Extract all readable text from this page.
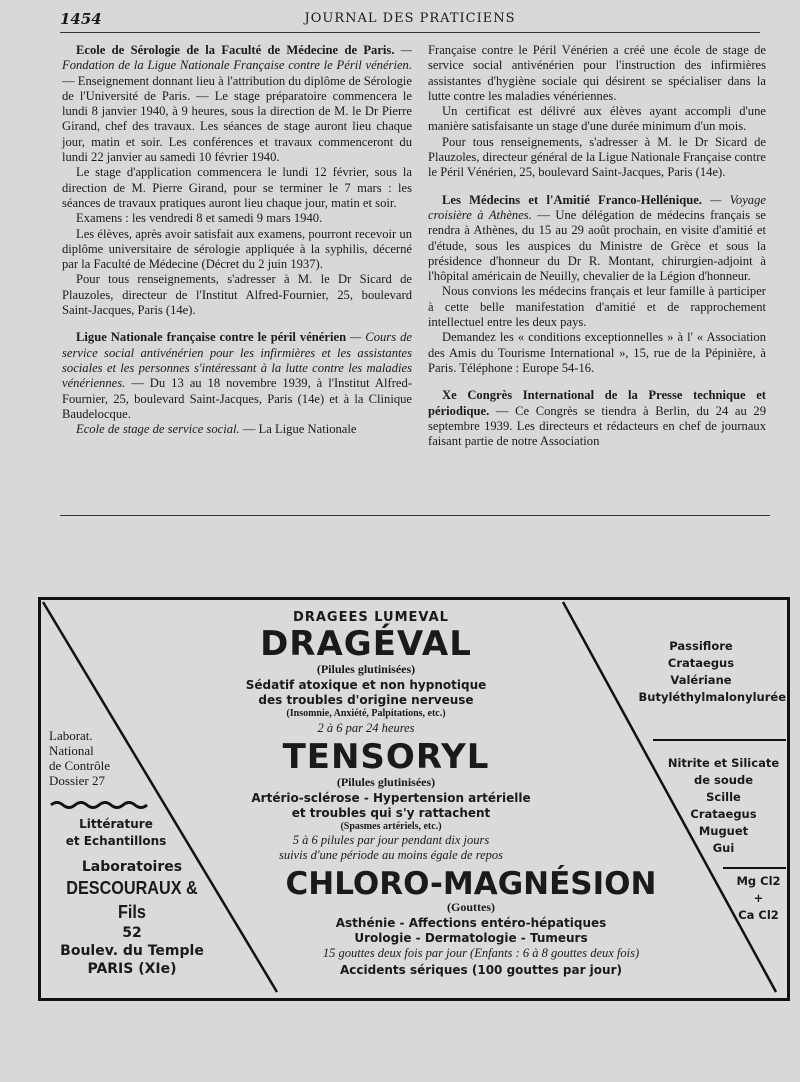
1454	JOURNAL DES PRATICIENS

Ecole de Sérologie de la Faculté de Médecine de Paris. — Fondation de la Ligue Nationale Française contre le Péril vénérien. — Enseignement donnant lieu à l'attribution du diplôme de Sérologie de l'Université de Paris. — Le stage préparatoire commencera le lundi 8 janvier 1940, à 9 heures, sous la direction de M. le Dr Pierre Girand, chef des travaux. Les séances de stage auront lieu chaque jour, matin et soir. Les conférences et travaux commenceront du lundi 22 janvier au samedi 10 février 1940.

Le stage d'application commencera le lundi 12 février, sous la direction de M. Pierre Girand, pour se terminer le 7 mars : les séances de travaux pratiques auront lieu chaque jour, matin et soir.

Examens : les vendredi 8 et samedi 9 mars 1940.

Les élèves, après avoir satisfait aux examens, pourront recevoir un diplôme universitaire de sérologie appliquée à la syphilis, décerné par la Faculté de Médecine (Décret du 2 juin 1937).

Pour tous renseignements, s'adresser à M. le Dr Sicard de Plauzoles, directeur de l'Institut Alfred-Fournier, 25, boulevard Saint-Jacques, Paris (14e).

Ligue Nationale française contre le péril vénérien — Cours de service social antivénérien pour les infirmières et les assistantes sociales et les personnes s'intéressant à la lutte contre les maladies vénériennes. — Du 13 au 18 novembre 1939, à l'Institut Alfred-Fournier, 25, boulevard Saint-Jacques, Paris (14e) et à la Clinique Baudelocque.

Ecole de stage de service social. — La Ligue Nationale

Française contre le Péril Vénérien a créé une école de stage de service social antivénérien pour l'instruction des infirmières assistantes d'hygiène sociale qui désirent se spécialiser dans la lutte contre les maladies vénériennes.

Un certificat est délivré aux élèves ayant accompli d'une manière satisfaisante un stage d'une durée minimum d'un mois.

Pour tous renseignements, s'adresser à M. le Dr Sicard de Plauzoles, directeur général de la Ligue Nationale Française contre le Péril Vénérien, 25, boulevard Saint-Jacques, Paris (14e).

Les Médecins et l'Amitié Franco-Hellénique. — Voyage croisière à Athènes. — Une délégation de médecins français se rendra à Athènes, du 15 au 29 août prochain, en visite d'amitié et d'étude, sous les auspices du Ministre de Grèce et sous la présidence d'honneur du Dr R. Montant, chirurgien-adjoint à l'hôpital américain de Neuilly, chevalier de la Légion d'honneur.

Nous convions les médecins français et leur famille à participer à cette belle manifestation d'amitié et de rapprochement intellectuel entre les deux pays.

Demandez les « conditions exceptionnelles » à l' « Association des Amis du Tourisme International », 15, rue de la Pépinière, à Paris. Téléphone : Europe 54-16.

Xe Congrès International de la Presse technique et périodique. — Ce Congrès se tiendra à Berlin, du 24 au 29 septembre 1939. Les directeurs et rédacteurs en chef de journaux faisant partie de notre Association

DRAGEES LUMEVAL
DRAGÉVAL
(Pilules glutinisées)
Sédatif atoxique et non hypnotique
des troubles d'origine nerveuse
(Insomnie, Anxiété, Palpitations, etc.)
2 à 6 par 24 heures
TENSORYL
(Pilules glutinisées)
Artério-sclérose - Hypertension artérielle
et troubles qui s'y rattachent
(Spasmes artériels, etc.)
5 à 6 pilules par jour pendant dix jours
suivis d'une période au moins égale de repos
CHLORO-MAGNÉSION
(Gouttes)
Asthénie - Affections entéro-hépatiques
Urologie - Dermatologie - Tumeurs
15 gouttes deux fois par jour (Enfants : 6 à 8 gouttes deux fois)
Accidents sériques (100 gouttes par jour)
Laborat.
National
de Contrôle
Dossier 27
Littérature
et Echantillons
Laboratoires
DESCOURAUX & Fils
52
Boulev. du Temple
PARIS (XIe)
Passiflore
Crataegus
Valériane
Butyléthylmalonylurée
Nitrite et Silicate
de soude
Scille
Crataegus
Muguet
Gui
Mg Cl2
+
Ca Cl2
